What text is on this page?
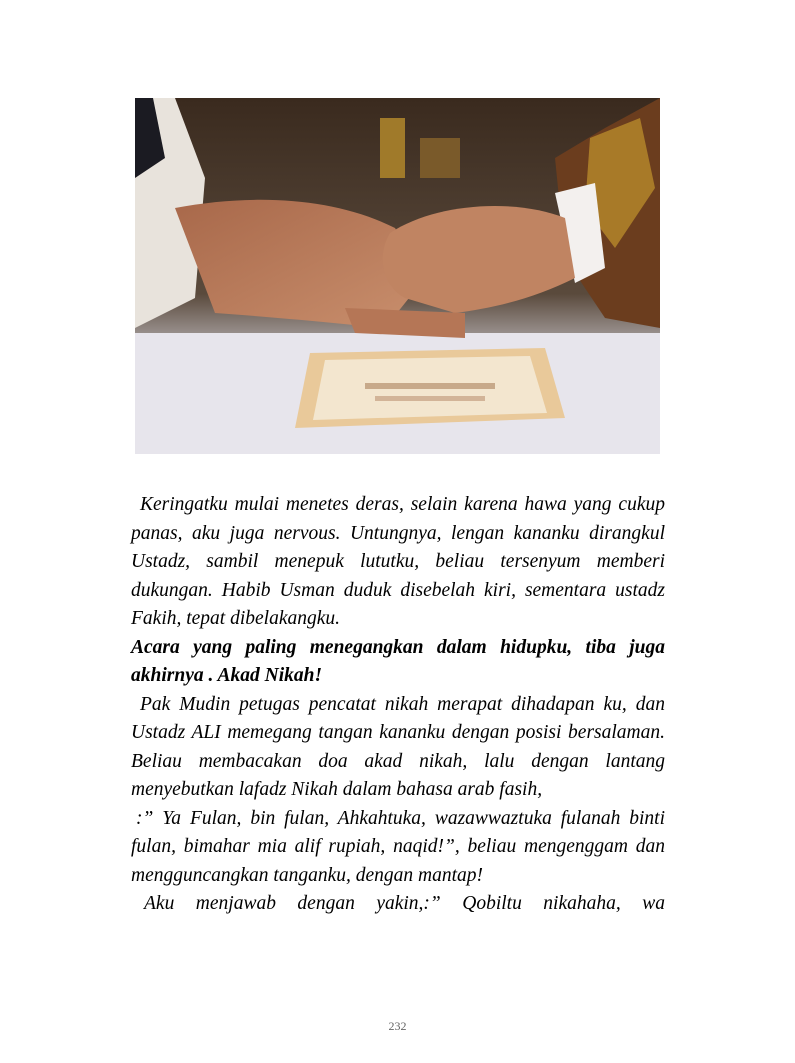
Keringatku mulai menetes deras, selain karena hawa yang cukup panas, aku juga nervous. Untungnya, lengan kananku dirangkul Ustadz, sambil menepuk lututku, beliau tersenyum memberi dukungan. Habib Usman duduk disebelah kiri, sementara ustadz Fakih, tepat dibelakangku.

Acara yang paling menegangkan dalam hidupku, tiba juga akhirnya . Akad Nikah!

Pak Mudin petugas pencatat nikah merapat dihadapan ku, dan Ustadz ALI memegang tangan kananku dengan posisi bersalaman. Beliau membacakan doa akad nikah, lalu dengan lantang menyebutkan lafadz Nikah dalam bahasa arab fasih,

:” Ya Fulan, bin fulan, Ahkahtuka, wazawwaztuka fulanah binti fulan, bimahar mia alif rupiah, naqid!”, beliau mengenggam dan mengguncangkan tanganku, dengan mantap!

Aku menjawab dengan yakin,:” Qobiltu nikahaha, wa

232
